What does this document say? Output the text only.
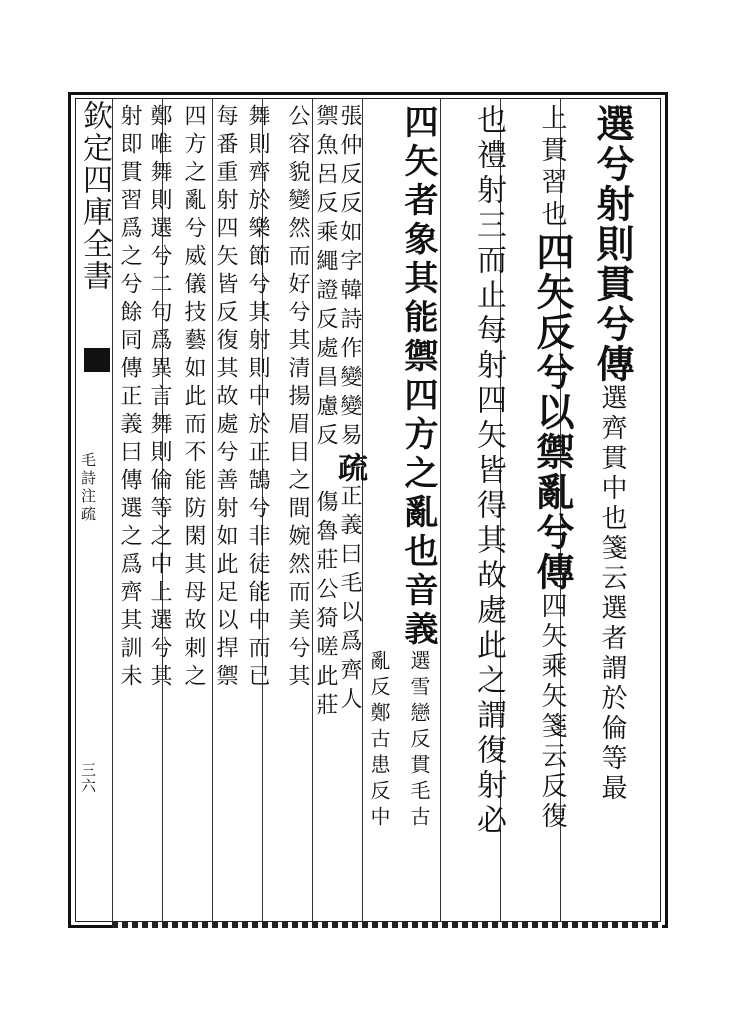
欽定四庫全書
毛詩注疏
三六
選兮射則貫兮傳
選齊貫中也箋云選者謂於倫等最
上貫習也
四矢反兮以禦亂兮傳
四矢乘矢箋云反復
也禮射三而止每射四矢皆得其故處此之謂復射必
四矢者象其能禦四方之亂也音義
選雪戀反貫毛古
亂反鄭古患反中
張仲反反如字韓詩作變變易
疏
正義曰毛以爲齊人
禦魚呂反乘繩證反處昌慮反
傷魯莊公猗嗟此莊
公容貌變然而好兮其清揚眉目之間婉然而美兮其
舞則齊於樂節兮其射則中於正鵠兮非徒能中而已
每番重射四矢皆反復其故處兮善射如此足以捍禦
四方之亂兮威儀技藝如此而不能防閑其母故刺之
鄭唯舞則選兮二句爲異言舞則倫等之中上選兮其
射即貫習爲之兮餘同傳正義曰傳選之爲齊其訓未
